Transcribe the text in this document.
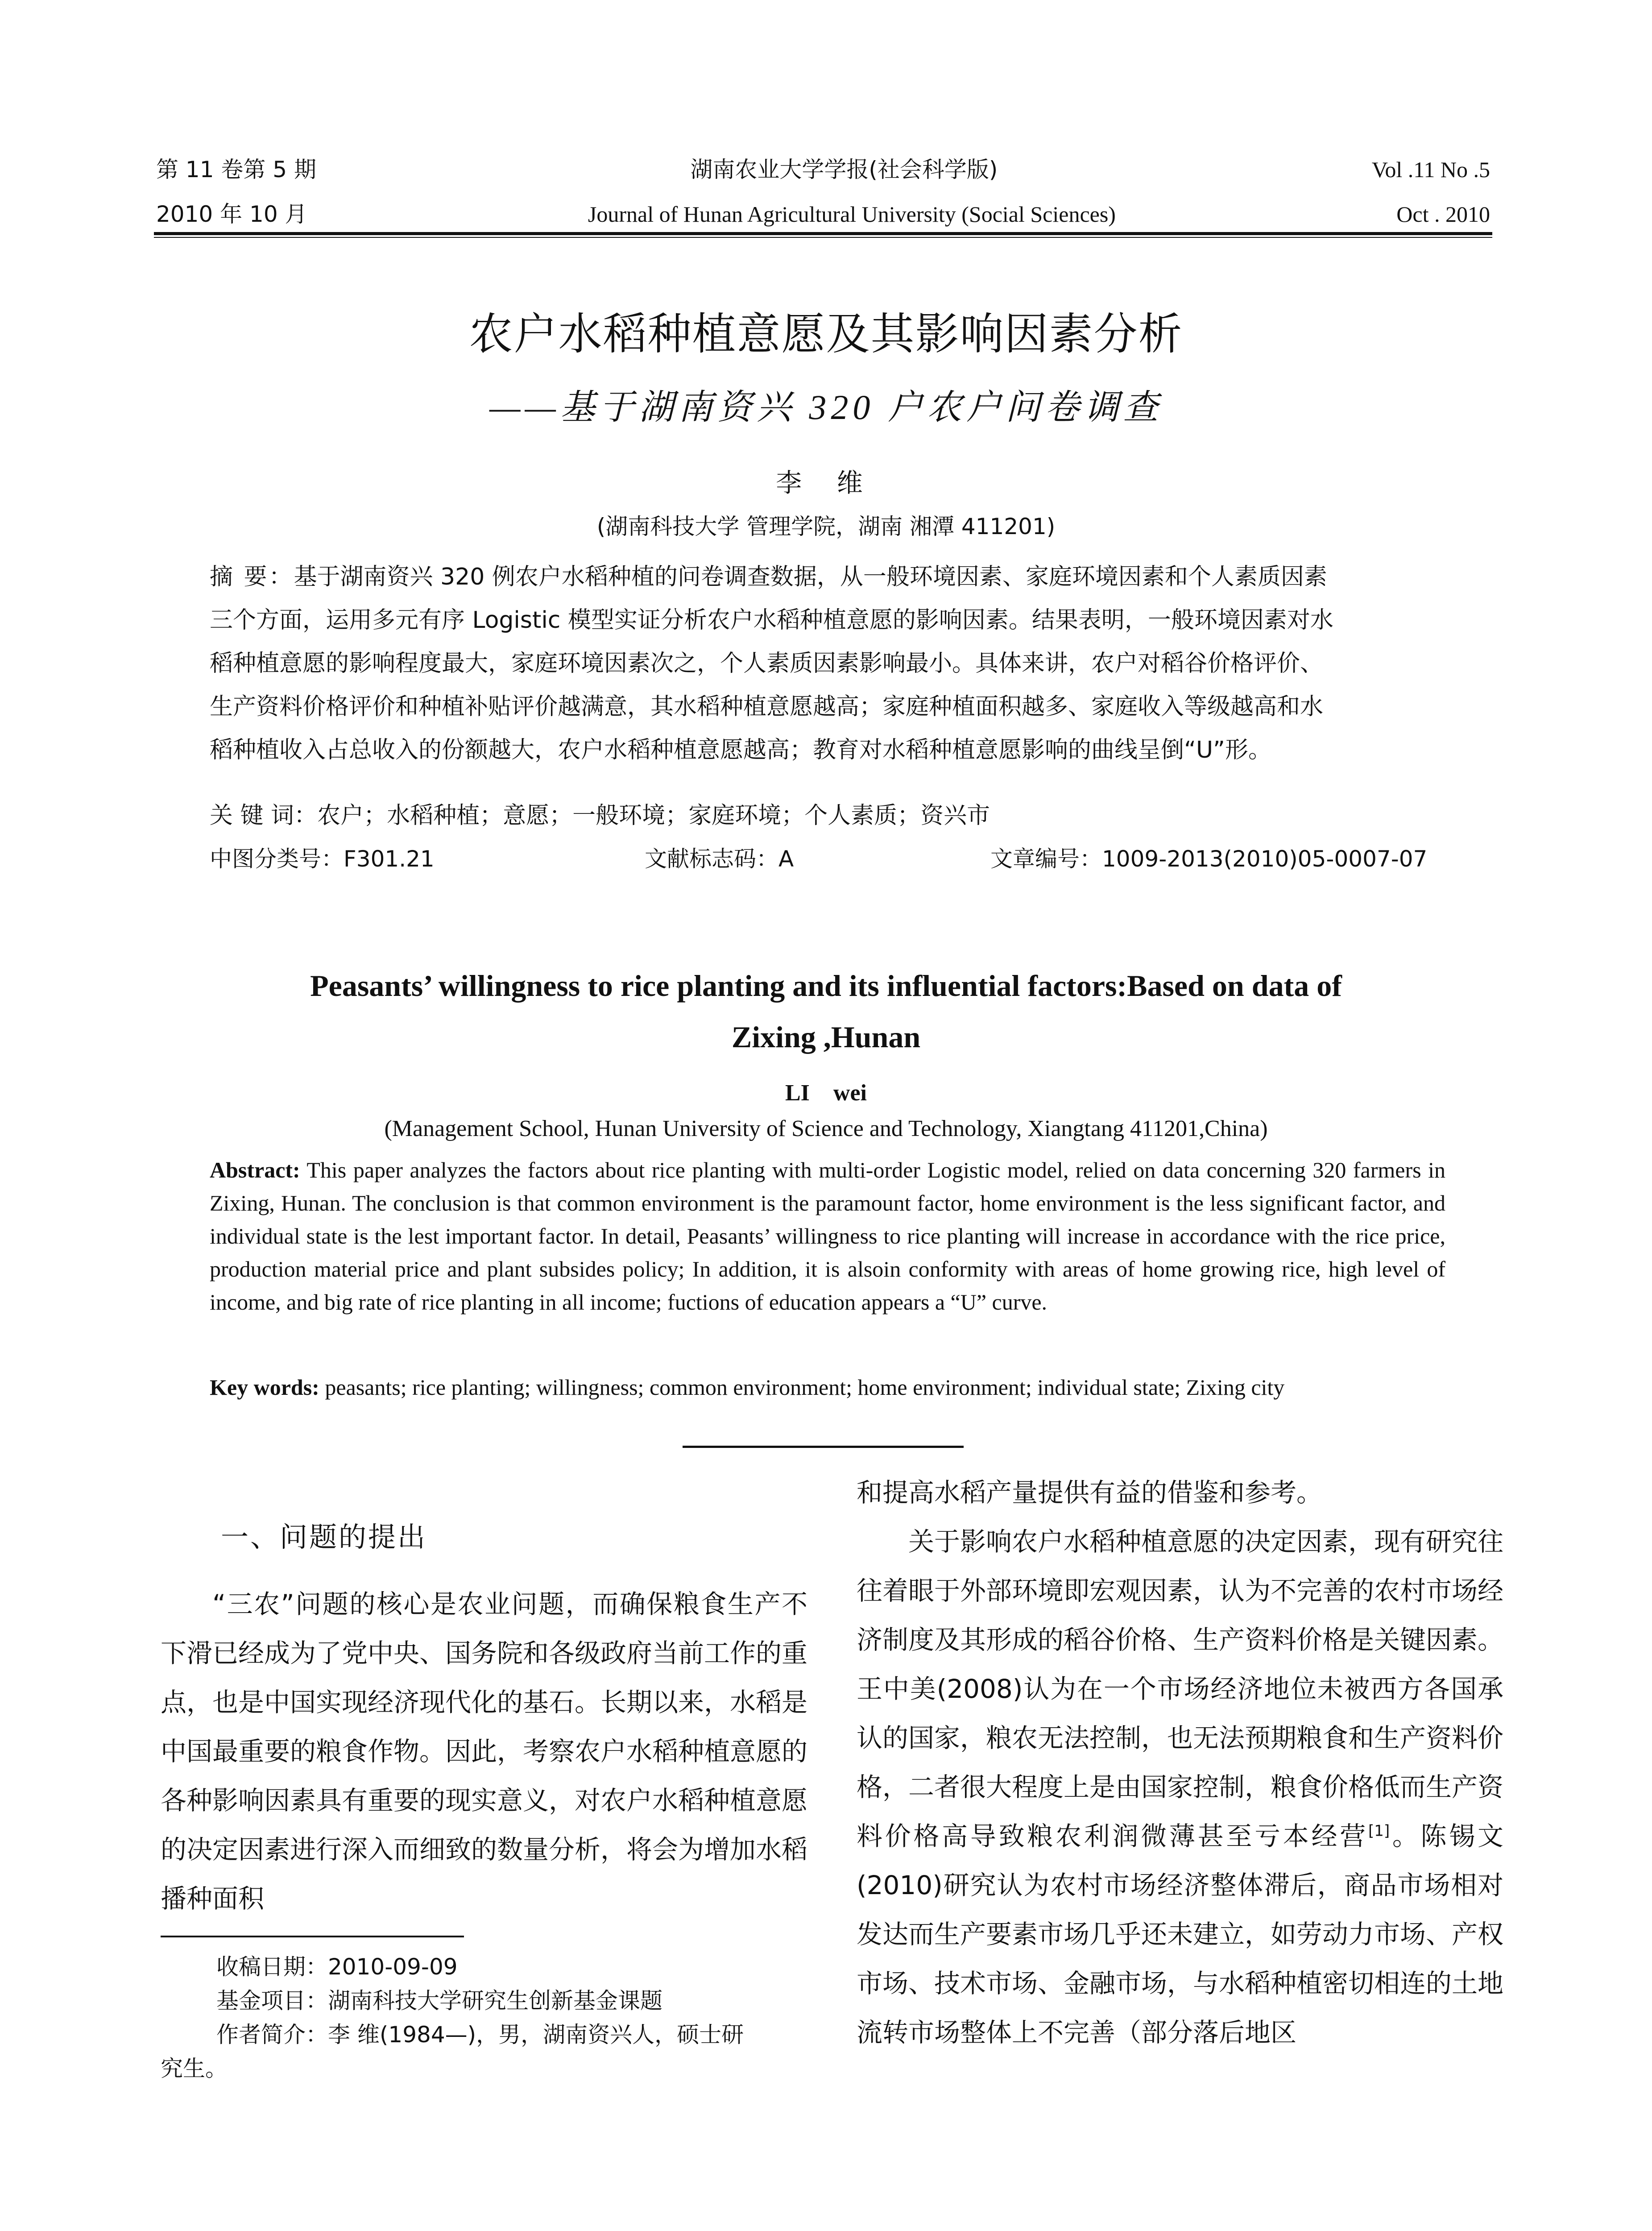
第 11 卷第 5 期	湖南农业大学学报(社会科学版)	Vol .11 No .5
2010 年 10 月	Journal of Hunan Agricultural University (Social Sciences)	Oct . 2010
农户水稻种植意愿及其影响因素分析
——基于湖南资兴 320 户农户问卷调查
李 维
(湖南科技大学 管理学院，湖南 湘潭 411201)
摘 要：基于湖南资兴 320 例农户水稻种植的问卷调查数据，从一般环境因素、家庭环境因素和个人素质因素
三个方面，运用多元有序 Logistic 模型实证分析农户水稻种植意愿的影响因素。结果表明，一般环境因素对水
稻种植意愿的影响程度最大，家庭环境因素次之，个人素质因素影响最小。具体来讲，农户对稻谷价格评价、
生产资料价格评价和种植补贴评价越满意，其水稻种植意愿越高；家庭种植面积越多、家庭收入等级越高和水
稻种植收入占总收入的份额越大，农户水稻种植意愿越高；教育对水稻种植意愿影响的曲线呈倒“U”形。
关 键 词：农户；水稻种植；意愿；一般环境；家庭环境；个人素质；资兴市
中图分类号：F301.21	文献标志码：A	文章编号：1009-2013(2010)05-0007-07
Peasants’ willingness to rice planting and its influential factors:Based on data of
Zixing ,Hunan
LI wei
(Management School, Hunan University of Science and Technology, Xiangtang 411201,China)
Abstract: This paper analyzes the factors about rice planting with multi-order Logistic model, relied on data concerning 320 farmers in Zixing, Hunan. The conclusion is that common environment is the paramount factor, home environment is the less significant factor, and individual state is the lest important factor. In detail, Peasants’ willingness to rice planting will increase in accordance with the rice price, production material price and plant subsides policy; In addition, it is alsoin conformity with areas of home growing rice, high level of income, and big rate of rice planting in all income; fuctions of education appears a “U” curve.
Key words: peasants; rice planting; willingness; common environment; home environment; individual state; Zixing city
一、问题的提出

“三农”问题的核心是农业问题，而确保粮食生产不下滑已经成为了党中央、国务院和各级政府当前工作的重点，也是中国实现经济现代化的基石。长期以来，水稻是中国最重要的粮食作物。因此，考察农户水稻种植意愿的各种影响因素具有重要的现实意义，对农户水稻种植意愿的决定因素进行深入而细致的数量分析，将会为增加水稻播种面积

收稿日期：2010-09-09
基金项目：湖南科技大学研究生创新基金课题
作者简介：李 维(1984—)，男，湖南资兴人，硕士研
究生。

和提高水稻产量提供有益的借鉴和参考。

关于影响农户水稻种植意愿的决定因素，现有研究往往着眼于外部环境即宏观因素，认为不完善的农村市场经济制度及其形成的稻谷价格、生产资料价格是关键因素。王中美(2008)认为在一个市场经济地位未被西方各国承认的国家，粮农无法控制，也无法预期粮食和生产资料价格，二者很大程度上是由国家控制，粮食价格低而生产资料价格高导致粮农利润微薄甚至亏本经营[1]。陈锡文(2010)研究认为农村市场经济整体滞后，商品市场相对发达而生产要素市场几乎还未建立，如劳动力市场、产权市场、技术市场、金融市场，与水稻种植密切相连的土地流转市场整体上不完善（部分落后地区
